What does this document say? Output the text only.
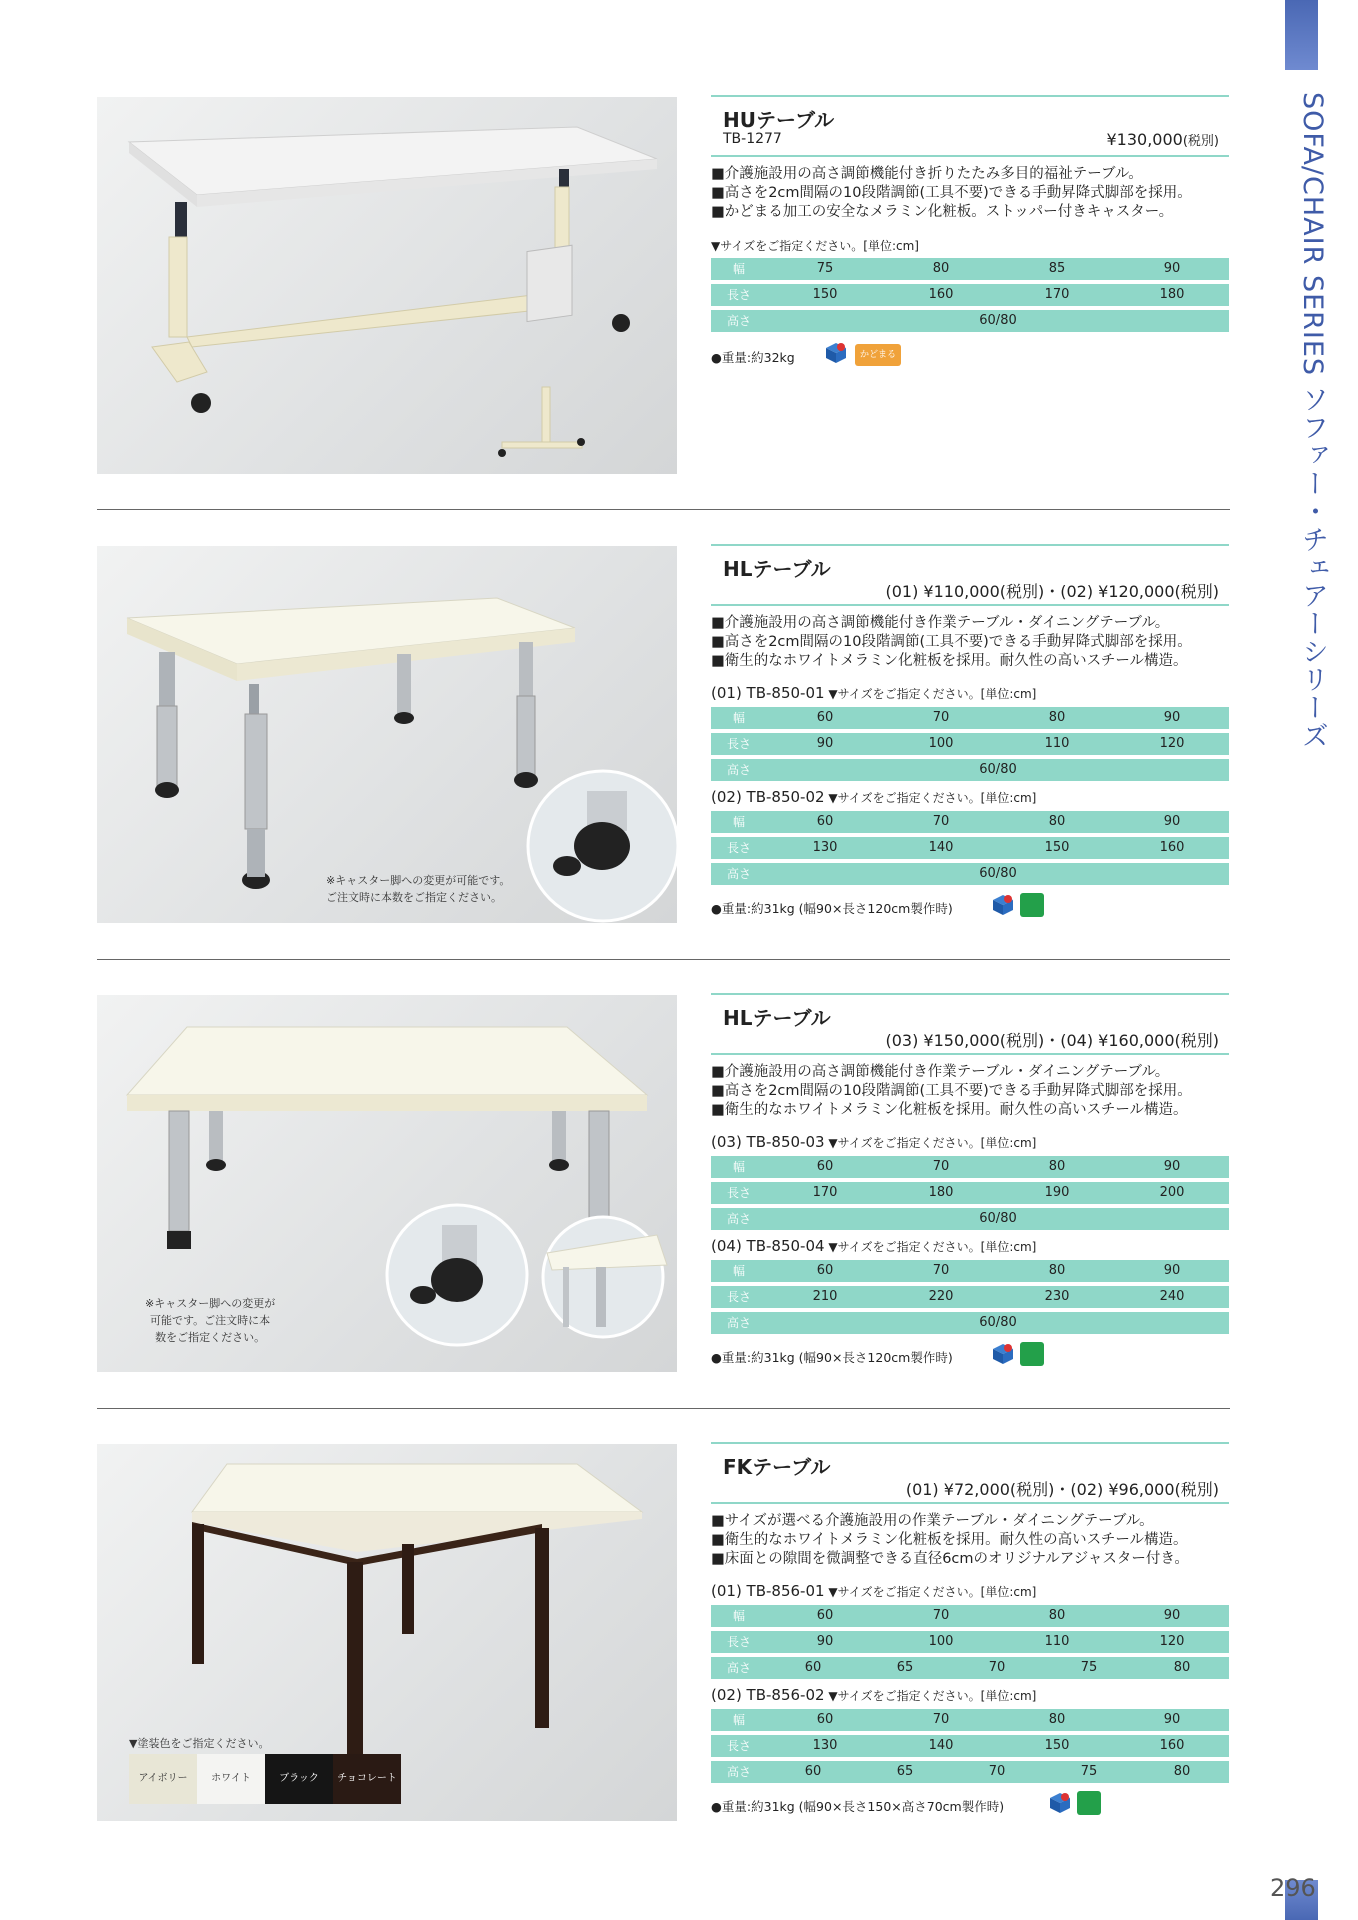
SOFA/CHAIR SERIES ソファー・チェアーシリーズ
296
HUテーブル
TB-1277	¥130,000(税別)
■介護施設用の高さ調節機能付き折りたたみ多目的福祉テーブル。
■高さを2cm間隔の10段階調節(工具不要)できる手動昇降式脚部を採用。
■かどまる加工の安全なメラミン化粧板。ストッパー付きキャスター。
▼サイズをご指定ください。[単位:cm]
幅	75	80	85	90
長さ	150	160	170	180
高さ	60/80
●重量:約32kg	かどまる
※キャスター脚への変更が可能です。
ご注文時に本数をご指定ください。
HLテーブル
(01) ¥110,000(税別)・(02) ¥120,000(税別)
■介護施設用の高さ調節機能付き作業テーブル・ダイニングテーブル。
■高さを2cm間隔の10段階調節(工具不要)できる手動昇降式脚部を採用。
■衛生的なホワイトメラミン化粧板を採用。耐久性の高いスチール構造。
(01) TB-850-01 ▼サイズをご指定ください。[単位:cm]
幅	60	70	80	90
長さ	90	100	110	120
高さ	60/80
(02) TB-850-02 ▼サイズをご指定ください。[単位:cm]
幅	60	70	80	90
長さ	130	140	150	160
高さ	60/80
●重量:約31kg (幅90×長さ120cm製作時)
※キャスター脚への変更が
可能です。ご注文時に本
数をご指定ください。
HLテーブル
(03) ¥150,000(税別)・(04) ¥160,000(税別)
■介護施設用の高さ調節機能付き作業テーブル・ダイニングテーブル。
■高さを2cm間隔の10段階調節(工具不要)できる手動昇降式脚部を採用。
■衛生的なホワイトメラミン化粧板を採用。耐久性の高いスチール構造。
(03) TB-850-03 ▼サイズをご指定ください。[単位:cm]
幅	60	70	80	90
長さ	170	180	190	200
高さ	60/80
(04) TB-850-04 ▼サイズをご指定ください。[単位:cm]
幅	60	70	80	90
長さ	210	220	230	240
高さ	60/80
●重量:約31kg (幅90×長さ120cm製作時)
▼塗装色をご指定ください。
アイボリー	ホワイト	ブラック	チョコレート
FKテーブル
(01) ¥72,000(税別)・(02) ¥96,000(税別)
■サイズが選べる介護施設用の作業テーブル・ダイニングテーブル。
■衛生的なホワイトメラミン化粧板を採用。耐久性の高いスチール構造。
■床面との隙間を微調整できる直径6cmのオリジナルアジャスター付き。
(01) TB-856-01 ▼サイズをご指定ください。[単位:cm]
幅	60	70	80	90
長さ	90	100	110	120
高さ	60	65	70	75	80
(02) TB-856-02 ▼サイズをご指定ください。[単位:cm]
幅	60	70	80	90
長さ	130	140	150	160
高さ	60	65	70	75	80
●重量:約31kg (幅90×長さ150×高さ70cm製作時)
